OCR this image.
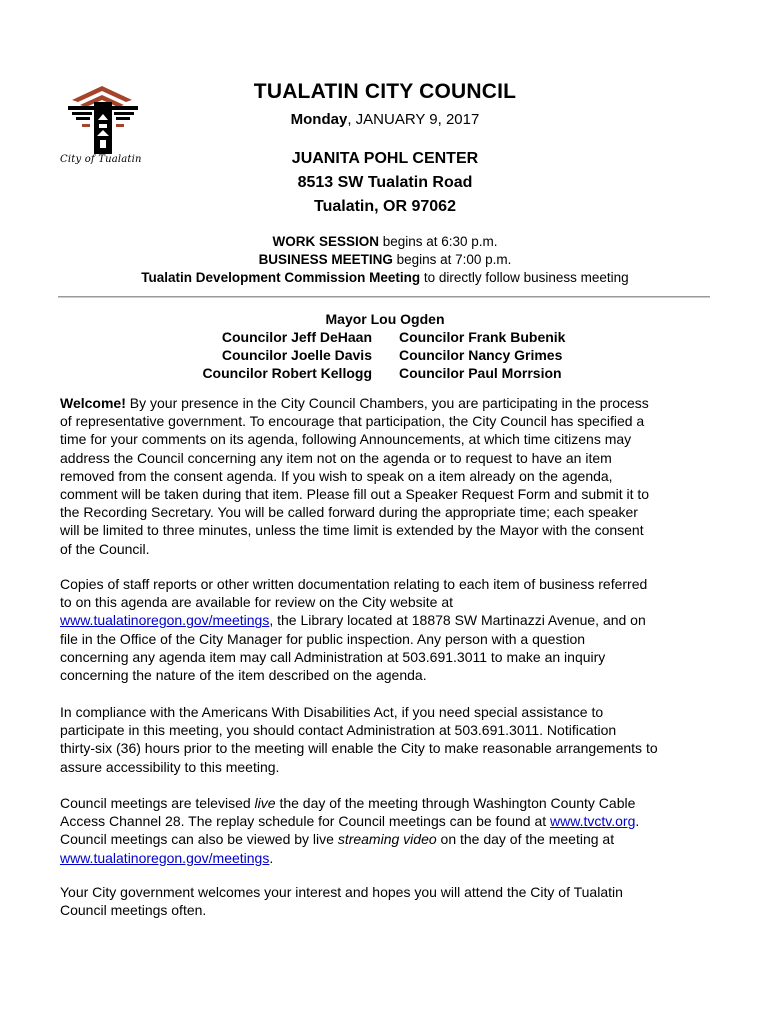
City of Tualatin
TUALATIN CITY COUNCIL
Monday, JANUARY 9, 2017
JUANITA POHL CENTER
8513 SW Tualatin Road
Tualatin, OR 97062
WORK SESSION begins at 6:30 p.m.
BUSINESS MEETING begins at 7:00 p.m.
Tualatin Development Commission Meeting to directly follow business meeting
Mayor Lou Ogden
Councilor Jeff DeHaan
Councilor Joelle Davis
Councilor Robert Kellogg
Councilor Frank Bubenik
Councilor Nancy Grimes
Councilor Paul Morrsion
Welcome! By your presence in the City Council Chambers, you are participating in the process
of representative government. To encourage that participation, the City Council has specified a
time for your comments on its agenda, following Announcements, at which time citizens may
address the Council concerning any item not on the agenda or to request to have an item
removed from the consent agenda. If you wish to speak on a item already on the agenda,
comment will be taken during that item. Please fill out a Speaker Request Form and submit it to
the Recording Secretary. You will be called forward during the appropriate time; each speaker
will be limited to three minutes, unless the time limit is extended by the Mayor with the consent
of the Council.
Copies of staff reports or other written documentation relating to each item of business referred
to on this agenda are available for review on the City website at
www.tualatinoregon.gov/meetings, the Library located at 18878 SW Martinazzi Avenue, and on
file in the Office of the City Manager for public inspection. Any person with a question
concerning any agenda item may call Administration at 503.691.3011 to make an inquiry
concerning the nature of the item described on the agenda.
In compliance with the Americans With Disabilities Act, if you need special assistance to
participate in this meeting, you should contact Administration at 503.691.3011. Notification
thirty-six (36) hours prior to the meeting will enable the City to make reasonable arrangements to
assure accessibility to this meeting.
Council meetings are televised live the day of the meeting through Washington County Cable
Access Channel 28. The replay schedule for Council meetings can be found at www.tvctv.org.
Council meetings can also be viewed by live streaming video on the day of the meeting at
www.tualatinoregon.gov/meetings.
Your City government welcomes your interest and hopes you will attend the City of Tualatin
Council meetings often.
